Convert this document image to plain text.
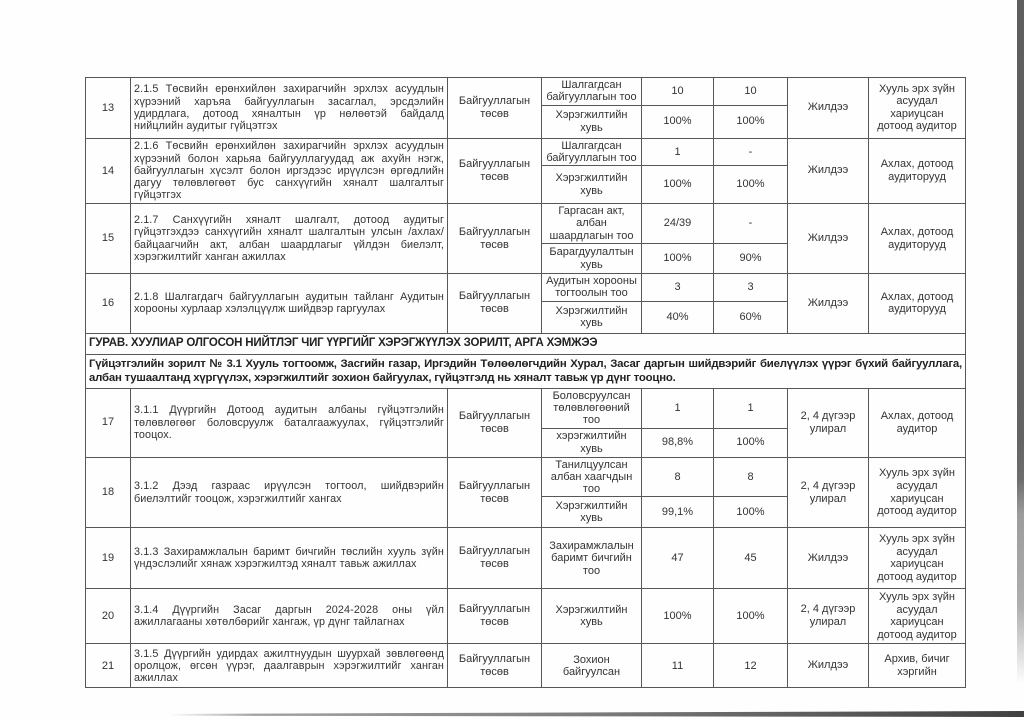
13	2.1.5 Төсвийн ерөнхийлөн захирагчийн эрхлэх асуудлын хүрээний харъяа байгууллагын засаглал, эрсдэлийн удирдлага, дотоод хяналтын үр нөлөөтэй байдалд нийцлийн аудитыг гүйцэтгэх	Байгууллагын төсөв	Шалгагдсан байгууллагын тоо	10	10	Жилдээ	Хууль эрх зүйн асуудал хариуцсан дотоод аудитор
			Хэрэгжилтийн хувь	100%	100%		
14	2.1.6 Төсвийн ерөнхийлөн захирагчийн эрхлэх асуудлын хүрээний болон харьяа байгууллагуудад аж ахуйн нэгж, байгууллагын хүсэлт болон иргэдээс ирүүлсэн өргөдлийн дагуу төлөвлөгөөт бус санхүүгийн хяналт шалгалтыг гүйцэтгэх	Байгууллагын төсөв	Шалгагдсан байгууллагын тоо	1	-	Жилдээ	Ахлах, дотоод аудиторууд
			Хэрэгжилтийн хувь	100%	100%		
15	2.1.7 Санхүүгийн хяналт шалгалт, дотоод аудитыг гүйцэтгэхдээ санхүүгийн хяналт шалгалтын улсын /ахлах/ байцаагчийн акт, албан шаардлагыг үйлдэн биелэлт, хэрэгжилтийг ханган ажиллах	Байгууллагын төсөв	Гаргасан акт, албан шаардлагын тоо	24/39	-	Жилдээ	Ахлах, дотоод аудиторууд
			Барагдуулалтын хувь	100%	90%		
16	2.1.8 Шалгагдагч байгууллагын аудитын тайланг Аудитын хорооны хурлаар хэлэлцүүлж шийдвэр гаргуулах	Байгууллагын төсөв	Аудитын хорооны тогтоолын тоо	3	3	Жилдээ	Ахлах, дотоод аудиторууд
			Хэрэгжилтийн хувь	40%	60%		
ГУРАВ. ХУУЛИАР ОЛГОСОН НИЙТЛЭГ ЧИГ ҮҮРГИЙГ ХЭРЭГЖҮҮЛЭХ ЗОРИЛТ, АРГА ХЭМЖЭЭ							
Гүйцэтгэлийн зорилт № 3.1 Хууль тогтоомж, Засгийн газар, Иргэдийн Төлөөлөгчдийн Хурал, Засаг даргын шийдвэрийг биелүүлэх үүрэг бүхий байгууллага, албан тушаалтанд хүргүүлэх, хэрэгжилтийг зохион байгуулах, гүйцэтгэлд нь хяналт тавьж үр дүнг тооцно.							
17	3.1.1 Дүүргийн Дотоод аудитын албаны гүйцэтгэлийн төлөвлөгөөг боловсруулж баталгаажуулах, гүйцэтгэлийг тооцох.	Байгууллагын төсөв	Боловсруулсан төлөвлөгөөний тоо	1	1	2, 4 дүгээр улирал	Ахлах, дотоод аудитор
			хэрэгжилтийн хувь	98,8%	100%		
18	3.1.2 Дээд газраас ирүүлсэн тогтоол, шийдвэрийн биелэлтийг тооцож, хэрэгжилтийг хангах	Байгууллагын төсөв	Танилцуулсан албан хаагчдын тоо	8	8	2, 4 дүгээр улирал	Хууль эрх зүйн асуудал хариуцсан дотоод аудитор
			Хэрэгжилтийн хувь	99,1%	100%		
19	3.1.3 Захирамжлалын баримт бичгийн төслийн хууль зүйн үндэслэлийг хянаж хэрэгжилтэд хяналт тавьж ажиллах	Байгууллагын төсөв	Захирамжлалын баримт бичгийн тоо	47	45	Жилдээ	Хууль эрх зүйн асуудал хариуцсан дотоод аудитор
20	3.1.4 Дүүргийн Засаг даргын 2024-2028 оны үйл ажиллагааны хөтөлбөрийг хангаж, үр дүнг тайлагнах	Байгууллагын төсөв	Хэрэгжилтийн хувь	100%	100%	2, 4 дүгээр улирал	Хууль эрх зүйн асуудал хариуцсан дотоод аудитор
21	3.1.5 Дүүргийн удирдах ажилтнуудын шуурхай зөвлөгөөнд оролцож, өгсөн үүрэг, даалгаврын хэрэгжилтийг ханган ажиллах	Байгууллагын төсөв	Зохион байгуулсан	11	12	Жилдээ	Архив, бичиг хэргийн
